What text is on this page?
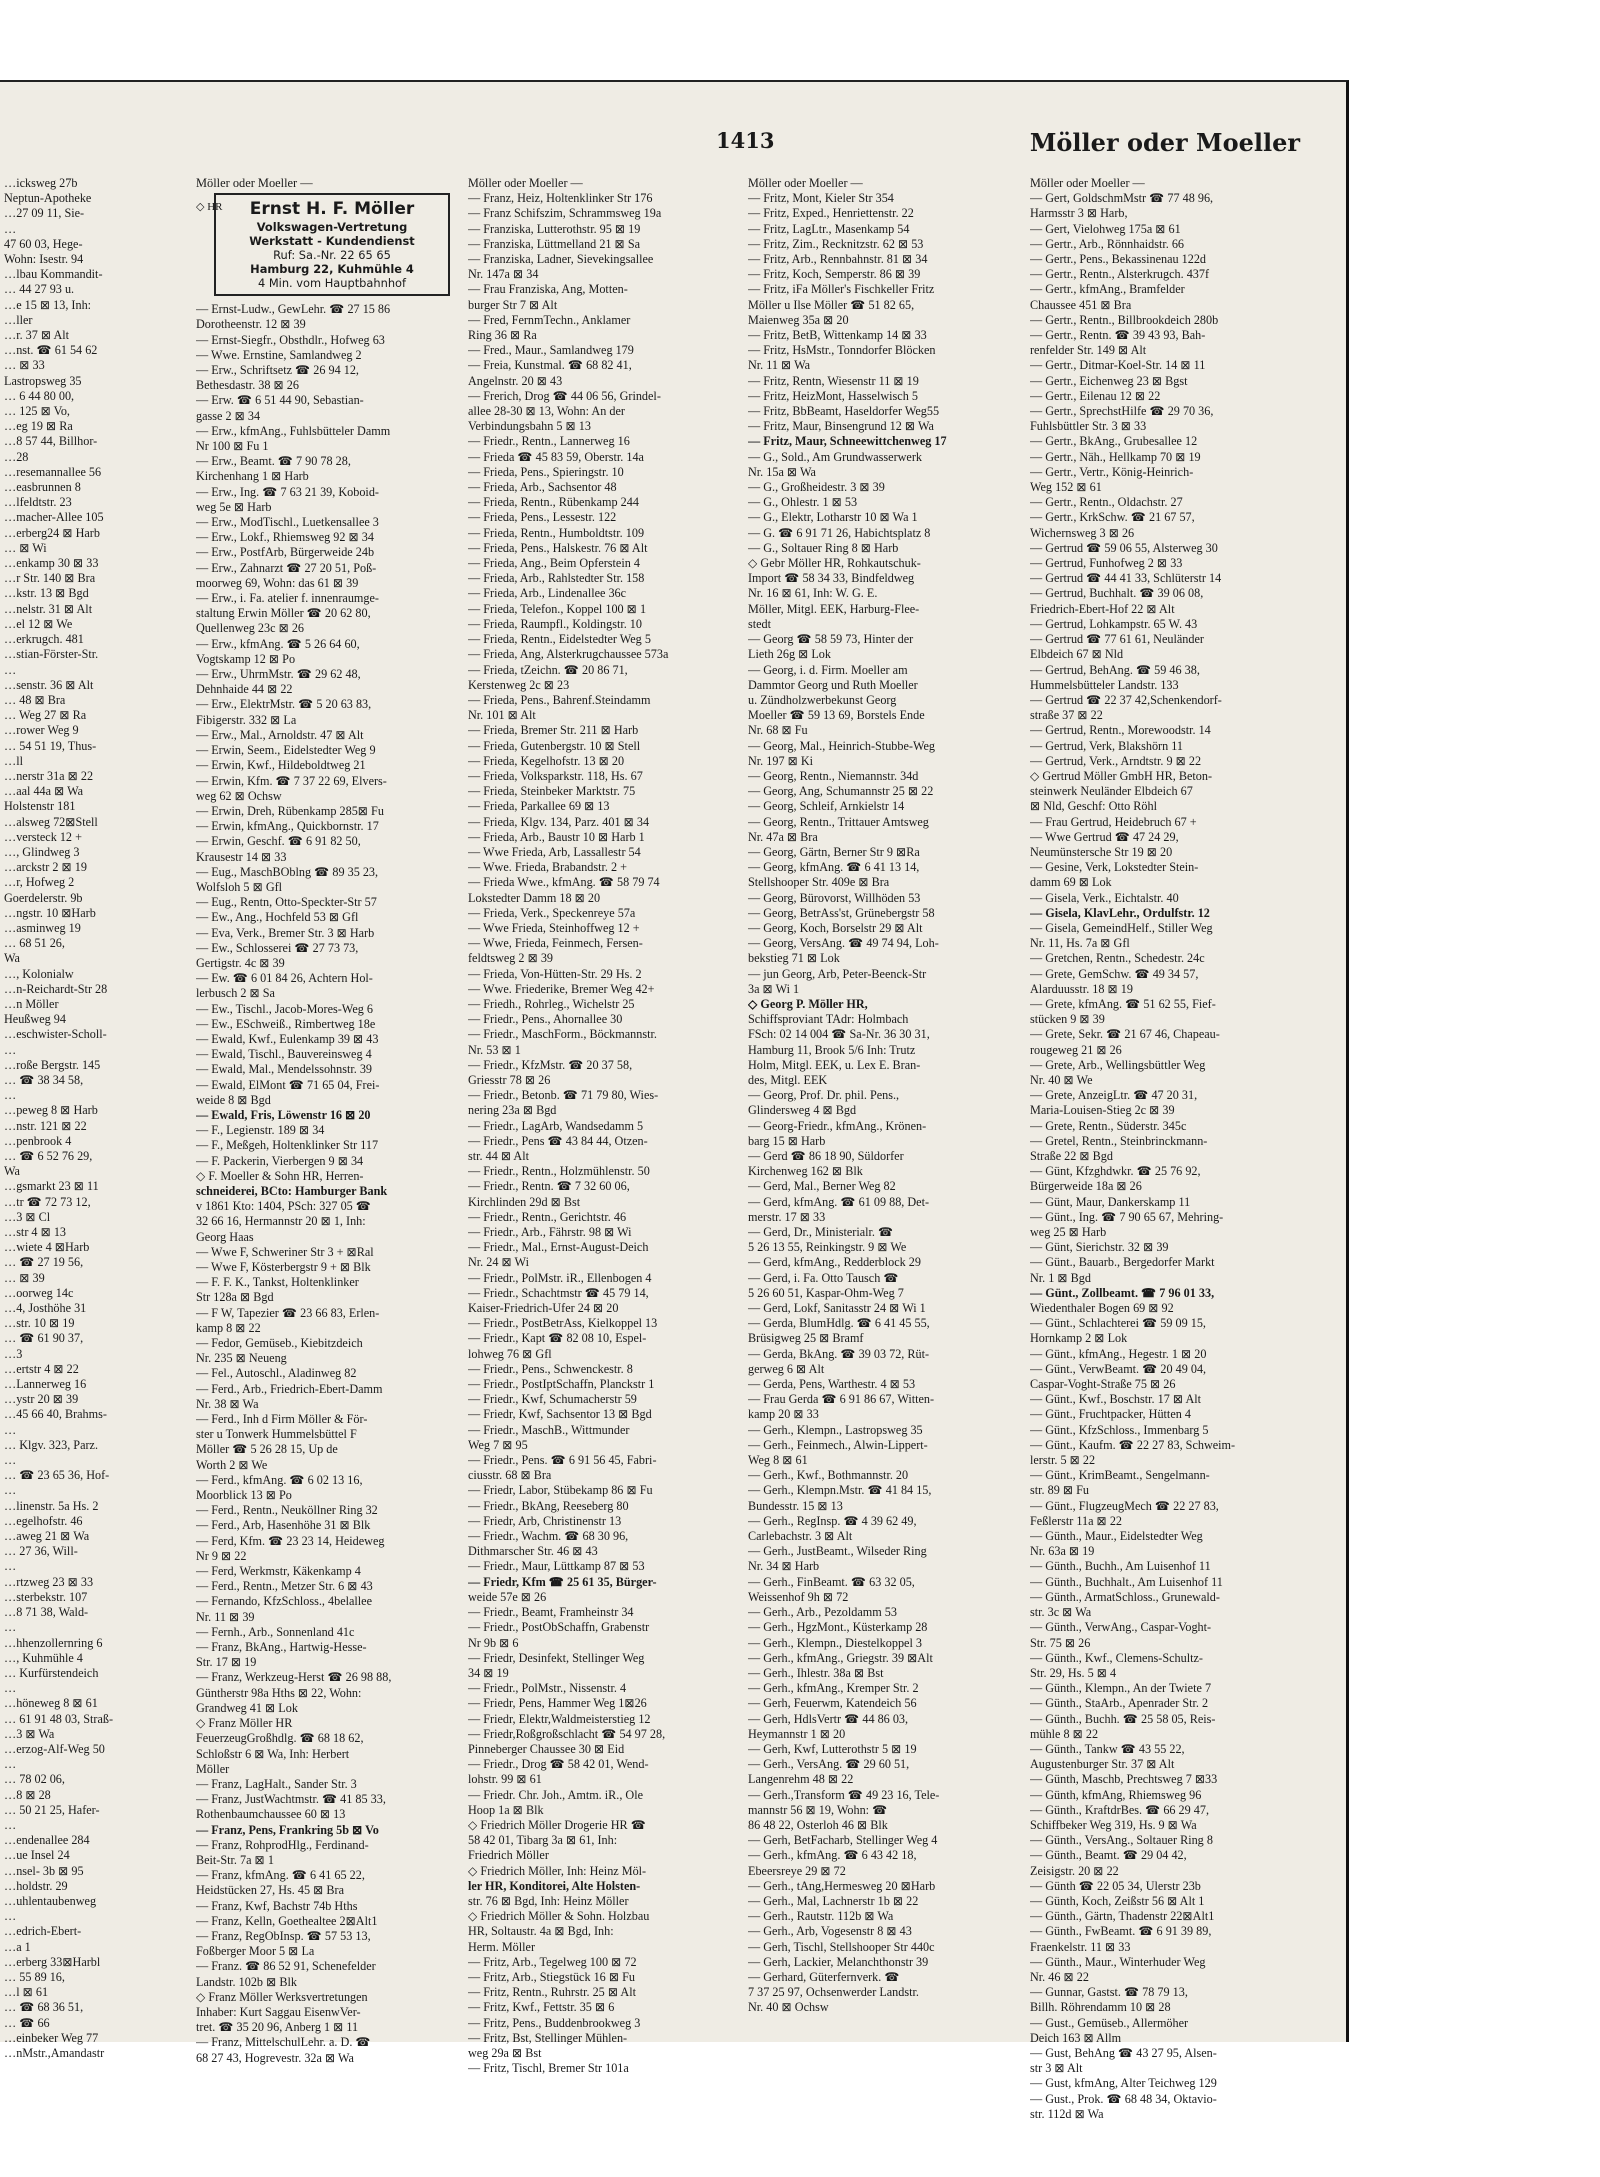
1413	Möller oder Moeller
…icksweg 27b
Neptun-Apotheke
…27 09 11, Sie-
…
47 60 03, Hege-
Wohn: Isestr. 94
…lbau Kommandit-
… 44 27 93 u.
…e 15 ⊠ 13, Inh:
…ller
…r. 37 ⊠ Alt
…nst. ☎ 61 54 62
… ⊠ 33
Lastropsweg 35
… 6 44 80 00,
… 125 ⊠ Vo,
…eg 19 ⊠ Ra
…8 57 44, Billhor-
…28
…resemannallee 56
…easbrunnen 8
…lfeldtstr. 23
…macher-Allee 105
…erberg24 ⊠ Harb
… ⊠ Wi
…enkamp 30 ⊠ 33
…r Str. 140 ⊠ Bra
…kstr. 13 ⊠ Bgd
…nelstr. 31 ⊠ Alt
…el 12 ⊠ We
…erkrugch. 481
…stian-Förster-Str.
…
…senstr. 36 ⊠ Alt
… 48 ⊠ Bra
… Weg 27 ⊠ Ra
…rower Weg 9
… 54 51 19, Thus-
…ll
…nerstr 31a ⊠ 22
…aal 44a ⊠ Wa
Holstenstr 181
…alsweg 72⊠Stell
…versteck 12 +
…, Glindweg 3
…arckstr 2 ⊠ 19
…r, Hofweg 2
Goerdelerstr. 9b
…ngstr. 10 ⊠Harb
…asminweg 19
… 68 51 26,
Wa
…, Kolonialw
…n-Reichardt-Str 28
…n Möller
Heußweg 94
…eschwister-Scholl-
…
…roße Bergstr. 145
… ☎ 38 34 58,
…
…peweg 8 ⊠ Harb
…nstr. 121 ⊠ 22
…penbrook 4
… ☎ 6 52 76 29,
Wa
…gsmarkt 23 ⊠ 11
…tr ☎ 72 73 12,
…3 ⊠ Cl
…str 4 ⊠ 13
…wiete 4 ⊠Harb
… ☎ 27 19 56,
… ⊠ 39
…oorweg 14c
…4, Josthöhe 31
…str. 10 ⊠ 19
… ☎ 61 90 37,
…3
…ertstr 4 ⊠ 22
…Lannerweg 16
…ystr 20 ⊠ 39
…45 66 40, Brahms-
…
… Klgv. 323, Parz.
…
… ☎ 23 65 36, Hof-
…
…linenstr. 5a Hs. 2
…egelhofstr. 46
…aweg 21 ⊠ Wa
… 27 36, Will-
…
…rtzweg 23 ⊠ 33
…sterbekstr. 107
…8 71 38, Wald-
…
…hhenzollernring 6
…, Kuhmühle 4
… Kurfürstendeich
…
…höneweg 8 ⊠ 61
… 61 91 48 03, Straß-
…3 ⊠ Wa
…erzog-Alf-Weg 50
…
… 78 02 06,
…8 ⊠ 28
… 50 21 25, Hafer-
…
…endenallee 284
…ue Insel 24
…nsel- 3b ⊠ 95
…holdstr. 29
…uhlentaubenweg
…
…edrich-Ebert-
…a 1
…erberg 33⊠Harbl
… 55 89 16,
…l ⊠ 61
… ☎ 68 36 51,
… ☎ 66
…einbeker Weg 77
…nMstr.,Amandastr
Möller oder Moeller —
◇ HR	Ernst H. F. Möller
Volkswagen-Vertretung
Werkstatt - Kundendienst
Ruf: Sa.-Nr. 22 65 65
Hamburg 22, Kuhmühle 4
4 Min. vom Hauptbahnhof
— Ernst-Ludw., GewLehr. ☎ 27 15 86
Dorotheenstr. 12 ⊠ 39
— Ernst-Siegfr., Obsthdlr., Hofweg 63
— Wwe. Ernstine, Samlandweg 2
— Erw., Schriftsetz ☎ 26 94 12,
Bethesdastr. 38 ⊠ 26
— Erw. ☎ 6 51 44 90, Sebastian-
gasse 2 ⊠ 34
— Erw., kfmAng., Fuhlsbütteler Damm
Nr 100 ⊠ Fu 1
— Erw., Beamt. ☎ 7 90 78 28,
Kirchenhang 1 ⊠ Harb
— Erw., Ing. ☎ 7 63 21 39, Koboid-
weg 5e ⊠ Harb
— Erw., ModTischl., Luetkensallee 3
— Erw., Lokf., Rhiemsweg 92 ⊠ 34
— Erw., PostfArb, Bürgerweide 24b
— Erw., Zahnarzt ☎ 27 20 51, Poß-
moorweg 69, Wohn: das 61 ⊠ 39
— Erw., i. Fa. atelier f. innenraumge-
staltung Erwin Möller ☎ 20 62 80,
Quellenweg 23c ⊠ 26
— Erw., kfmAng. ☎ 5 26 64 60,
Vogtskamp 12 ⊠ Po
— Erw., UhrmMstr. ☎ 29 62 48,
Dehnhaide 44 ⊠ 22
— Erw., ElektrMstr. ☎ 5 20 63 83,
Fibigerstr. 332 ⊠ La
— Erw., Mal., Arnoldstr. 47 ⊠ Alt
— Erwin, Seem., Eidelstedter Weg 9
— Erwin, Kwf., Hildeboldtweg 21
— Erwin, Kfm. ☎ 7 37 22 69, Elvers-
weg 62 ⊠ Ochsw
— Erwin, Dreh, Rübenkamp 285⊠ Fu
— Erwin, kfmAng., Quickbornstr. 17
— Erwin, Geschf. ☎ 6 91 82 50,
Krausestr 14 ⊠ 33
— Eug., MaschBOblng ☎ 89 35 23,
Wolfsloh 5 ⊠ Gfl
— Eug., Rentn, Otto-Speckter-Str 57
— Ew., Ang., Hochfeld 53 ⊠ Gfl
— Eva, Verk., Bremer Str. 3 ⊠ Harb
— Ew., Schlosserei ☎ 27 73 73,
Gertigstr. 4c ⊠ 39
— Ew. ☎ 6 01 84 26, Achtern Hol-
lerbusch 2 ⊠ Sa
— Ew., Tischl., Jacob-Mores-Weg 6
— Ew., ESchweiß., Rimbertweg 18e
— Ewald, Kwf., Eulenkamp 39 ⊠ 43
— Ewald, Tischl., Bauvereinsweg 4
— Ewald, Mal., Mendelssohnstr. 39
— Ewald, ElMont ☎ 71 65 04, Frei-
weide 8 ⊠ Bgd
— Ewald, Fris, Löwenstr 16 ⊠ 20
— F., Legienstr. 189 ⊠ 34
— F., Meßgeh, Holtenklinker Str 117
— F. Packerin, Vierbergen 9 ⊠ 34
◇ F. Moeller & Sohn HR, Herren-
schneiderei, BCto: Hamburger Bank
v 1861 Kto: 1404, PSch: 327 05 ☎
32 66 16, Hermannstr 20 ⊠ 1, Inh:
Georg Haas
— Wwe F, Schweriner Str 3 + ⊠Ral
— Wwe F, Kösterbergstr 9 + ⊠ Blk
— F. F. K., Tankst, Holtenklinker
Str 128a ⊠ Bgd
— F W, Tapezier ☎ 23 66 83, Erlen-
kamp 8 ⊠ 22
— Fedor, Gemüseb., Kiebitzdeich
Nr. 235 ⊠ Neueng
— Fel., Autoschl., Aladinweg 82
— Ferd., Arb., Friedrich-Ebert-Damm
Nr. 38 ⊠ Wa
— Ferd., Inh d Firm Möller & För-
ster u Tonwerk Hummelsbüttel F
Möller ☎ 5 26 28 15, Up de
Worth 2 ⊠ We
— Ferd., kfmAng. ☎ 6 02 13 16,
Moorblick 13 ⊠ Po
— Ferd., Rentn., Neuköllner Ring 32
— Ferd., Arb, Hasenhöhe 31 ⊠ Blk
— Ferd, Kfm. ☎ 23 23 14, Heideweg
Nr 9 ⊠ 22
— Ferd, Werkmstr, Käkenkamp 4
— Ferd., Rentn., Metzer Str. 6 ⊠ 43
— Fernando, KfzSchloss., 4belallee
Nr. 11 ⊠ 39
— Fernh., Arb., Sonnenland 41c
— Franz, BkAng., Hartwig-Hesse-
Str. 17 ⊠ 19
— Franz, Werkzeug-Herst ☎ 26 98 88,
Güntherstr 98a Hths ⊠ 22, Wohn:
Grandweg 41 ⊠ Lok
◇ Franz Möller HR
FeuerzeugGroßhdlg. ☎ 68 18 62,
Schloßstr 6 ⊠ Wa, Inh: Herbert
Möller
— Franz, LagHalt., Sander Str. 3
— Franz, JustWachtmstr. ☎ 41 85 33,
Rothenbaumchaussee 60 ⊠ 13
— Franz, Pens, Frankring 5b ⊠ Vo
— Franz, RohprodHlg., Ferdinand-
Beit-Str. 7a ⊠ 1
— Franz, kfmAng. ☎ 6 41 65 22,
Heidstücken 27, Hs. 45 ⊠ Bra
— Franz, Kwf, Bachstr 74b Hths
— Franz, Kelln, Goethealtee 2⊠Alt1
— Franz, RegObInsp. ☎ 57 53 13,
Foßberger Moor 5 ⊠ La
— Franz. ☎ 86 52 91, Schenefelder
Landstr. 102b ⊠ Blk
◇ Franz Möller Werksvertretungen
Inhaber: Kurt Saggau EisenwVer-
tret. ☎ 35 20 96, Anberg 1 ⊠ 11
— Franz, MittelschulLehr. a. D. ☎
68 27 43, Hogrevestr. 32a ⊠ Wa
Möller oder Moeller —
— Franz, Heiz, Holtenklinker Str 176
— Franz Schifszim, Schrammsweg 19a
— Franziska, Lutterothstr. 95 ⊠ 19
— Franziska, Lüttmelland 21 ⊠ Sa
— Franziska, Ladner, Sievekingsallee
Nr. 147a ⊠ 34
— Frau Franziska, Ang, Motten-
burger Str 7 ⊠ Alt
— Fred, FernmTechn., Anklamer
Ring 36 ⊠ Ra
— Fred., Maur., Samlandweg 179
— Freia, Kunstmal. ☎ 68 82 41,
Angelnstr. 20 ⊠ 43
— Frerich, Drog ☎ 44 06 56, Grindel-
allee 28-30 ⊠ 13, Wohn: An der
Verbindungsbahn 5 ⊠ 13
— Friedr., Rentn., Lannerweg 16
— Frieda ☎ 45 83 59, Oberstr. 14a
— Frieda, Pens., Spieringstr. 10
— Frieda, Arb., Sachsentor 48
— Frieda, Rentn., Rübenkamp 244
— Frieda, Pens., Lessestr. 122
— Frieda, Rentn., Humboldtstr. 109
— Frieda, Pens., Halskestr. 76 ⊠ Alt
— Frieda, Ang., Beim Opferstein 4
— Frieda, Arb., Rahlstedter Str. 158
— Frieda, Arb., Lindenallee 36c
— Frieda, Telefon., Koppel 100 ⊠ 1
— Frieda, Raumpfl., Koldingstr. 10
— Frieda, Rentn., Eidelstedter Weg 5
— Frieda, Ang, Alsterkrugchaussee 573a
— Frieda, tZeichn. ☎ 20 86 71,
Kerstenweg 2c ⊠ 23
— Frieda, Pens., Bahrenf.Steindamm
Nr. 101 ⊠ Alt
— Frieda, Bremer Str. 211 ⊠ Harb
— Frieda, Gutenbergstr. 10 ⊠ Stell
— Frieda, Kegelhofstr. 13 ⊠ 20
— Frieda, Volksparkstr. 118, Hs. 67
— Frieda, Steinbeker Marktstr. 75
— Frieda, Parkallee 69 ⊠ 13
— Frieda, Klgv. 134, Parz. 401 ⊠ 34
— Frieda, Arb., Baustr 10 ⊠ Harb 1
— Wwe Frieda, Arb, Lassallestr 54
— Wwe. Frieda, Brabandstr. 2 +
— Frieda Wwe., kfmAng. ☎ 58 79 74
Lokstedter Damm 18 ⊠ 20
— Frieda, Verk., Speckenreye 57a
— Wwe Frieda, Steinhoffweg 12 +
— Wwe, Frieda, Feinmech, Fersen-
feldtsweg 2 ⊠ 39
— Frieda, Von-Hütten-Str. 29 Hs. 2
— Wwe. Friederike, Bremer Weg 42+
— Friedh., Rohrleg., Wichelstr 25
— Friedr., Pens., Ahornallee 30
— Friedr., MaschForm., Böckmannstr.
Nr. 53 ⊠ 1
— Friedr., KfzMstr. ☎ 20 37 58,
Griesstr 78 ⊠ 26
— Friedr., Betonb. ☎ 71 79 80, Wies-
nering 23a ⊠ Bgd
— Friedr., LagArb, Wandsedamm 5
— Friedr., Pens ☎ 43 84 44, Otzen-
str. 44 ⊠ Alt
— Friedr., Rentn., Holzmühlenstr. 50
— Friedr., Rentn. ☎ 7 32 60 06,
Kirchlinden 29d ⊠ Bst
— Friedr., Rentn., Gerichtstr. 46
— Friedr., Arb., Fährstr. 98 ⊠ Wi
— Friedr., Mal., Ernst-August-Deich
Nr. 24 ⊠ Wi
— Friedr., PolMstr. iR., Ellenbogen 4
— Friedr., Schachtmstr ☎ 45 79 14,
Kaiser-Friedrich-Ufer 24 ⊠ 20
— Friedr., PostBetrAss, Kielkoppel 13
— Friedr., Kapt ☎ 82 08 10, Espel-
lohweg 76 ⊠ Gfl
— Friedr., Pens., Schwenckestr. 8
— Friedr., PostIptSchaffn, Planckstr 1
— Friedr., Kwf, Schumacherstr 59
— Friedr, Kwf, Sachsentor 13 ⊠ Bgd
— Friedr., MaschB., Wittmunder
Weg 7 ⊠ 95
— Friedr., Pens. ☎ 6 91 56 45, Fabri-
ciusstr. 68 ⊠ Bra
— Friedr, Labor, Stübekamp 86 ⊠ Fu
— Friedr., BkAng, Reeseberg 80
— Friedr, Arb, Christinenstr 13
— Friedr., Wachm. ☎ 68 30 96,
Dithmarscher Str. 46 ⊠ 43
— Friedr., Maur, Lüttkamp 87 ⊠ 53
— Friedr, Kfm ☎ 25 61 35, Bürger-
weide 57e ⊠ 26
— Friedr., Beamt, Framheinstr 34
— Friedr., PostObSchaffn, Grabenstr
Nr 9b ⊠ 6
— Friedr, Desinfekt, Stellinger Weg
34 ⊠ 19
— Friedr., PolMstr., Nissenstr. 4
— Friedr, Pens, Hammer Weg 1⊠26
— Friedr, Elektr,Waldmeisterstieg 12
— Friedr,Roßgroßschlacht ☎ 54 97 28,
Pinneberger Chaussee 30 ⊠ Eid
— Friedr., Drog ☎ 58 42 01, Wend-
lohstr. 99 ⊠ 61
— Friedr. Chr. Joh., Amtm. iR., Ole
Hoop 1a ⊠ Blk
◇ Friedrich Möller Drogerie HR ☎
58 42 01, Tibarg 3a ⊠ 61, Inh:
Friedrich Möller
◇ Friedrich Möller, Inh: Heinz Möl-
ler HR, Konditorei, Alte Holsten-
str. 76 ⊠ Bgd, Inh: Heinz Möller
◇ Friedrich Möller & Sohn. Holzbau
HR, Soltaustr. 4a ⊠ Bgd, Inh:
Herm. Möller
— Fritz, Arb., Tegelweg 100 ⊠ 72
— Fritz, Arb., Stiegstück 16 ⊠ Fu
— Fritz, Rentn., Ruhrstr. 25 ⊠ Alt
— Fritz, Kwf., Fettstr. 35 ⊠ 6
— Fritz, Pens., Buddenbrookweg 3
— Fritz, Bst, Stellinger Mühlen-
weg 29a ⊠ Bst
— Fritz, Tischl, Bremer Str 101a
Möller oder Moeller —
— Fritz, Mont, Kieler Str 354
— Fritz, Exped., Henriettenstr. 22
— Fritz, LagLtr., Masenkamp 54
— Fritz, Zim., Recknitzstr. 62 ⊠ 53
— Fritz, Arb., Rennbahnstr. 81 ⊠ 34
— Fritz, Koch, Semperstr. 86 ⊠ 39
— Fritz, iFa Möller's Fischkeller Fritz
Möller u Ilse Möller ☎ 51 82 65,
Maienweg 35a ⊠ 20
— Fritz, BetB, Wittenkamp 14 ⊠ 33
— Fritz, HsMstr., Tonndorfer Blöcken
Nr. 11 ⊠ Wa
— Fritz, Rentn, Wiesenstr 11 ⊠ 19
— Fritz, HeizMont, Hasselwisch 5
— Fritz, BbBeamt, Haseldorfer Weg55
— Fritz, Maur, Binsengrund 12 ⊠ Wa
— Fritz, Maur, Schneewittchenweg 17
— G., Sold., Am Grundwasserwerk
Nr. 15a ⊠ Wa
— G., Großheidestr. 3 ⊠ 39
— G., Ohlestr. 1 ⊠ 53
— G., Elektr, Lotharstr 10 ⊠ Wa 1
— G. ☎ 6 91 71 26, Habichtsplatz 8
— G., Soltauer Ring 8 ⊠ Harb
◇ Gebr Möller HR, Rohkautschuk-
Import ☎ 58 34 33, Bindfeldweg
Nr. 16 ⊠ 61, Inh: W. G. E.
Möller, Mitgl. EEK, Harburg-Flee-
stedt
— Georg ☎ 58 59 73, Hinter der
Lieth 26g ⊠ Lok
— Georg, i. d. Firm. Moeller am
Dammtor Georg und Ruth Moeller
u. Zündholzwerbekunst Georg
Moeller ☎ 59 13 69, Borstels Ende
Nr. 68 ⊠ Fu
— Georg, Mal., Heinrich-Stubbe-Weg
Nr. 197 ⊠ Ki
— Georg, Rentn., Niemannstr. 34d
— Georg, Ang, Schumannstr 25 ⊠ 22
— Georg, Schleif, Arnkielstr 14
— Georg, Rentn., Trittauer Amtsweg
Nr. 47a ⊠ Bra
— Georg, Gärtn, Berner Str 9 ⊠Ra
— Georg, kfmAng. ☎ 6 41 13 14,
Stellshooper Str. 409e ⊠ Bra
— Georg, Bürovorst, Willhöden 53
— Georg, BetrAss'st, Grünebergstr 58
— Georg, Koch, Borselstr 29 ⊠ Alt
— Georg, VersAng. ☎ 49 74 94, Loh-
bekstieg 71 ⊠ Lok
— jun Georg, Arb, Peter-Beenck-Str
3a ⊠ Wi 1
◇ Georg P. Möller HR,
Schiffsproviant TAdr: Holmbach
FSch: 02 14 004 ☎ Sa-Nr. 36 30 31,
Hamburg 11, Brook 5/6 Inh: Trutz
Holm, Mitgl. EEK, u. Lex E. Bran-
des, Mitgl. EEK
— Georg, Prof. Dr. phil. Pens.,
Glindersweg 4 ⊠ Bgd
— Georg-Friedr., kfmAng., Krönen-
barg 15 ⊠ Harb
— Gerd ☎ 86 18 90, Süldorfer
Kirchenweg 162 ⊠ Blk
— Gerd, Mal., Berner Weg 82
— Gerd, kfmAng. ☎ 61 09 88, Det-
merstr. 17 ⊠ 33
— Gerd, Dr., Ministerialr. ☎
5 26 13 55, Reinkingstr. 9 ⊠ We
— Gerd, kfmAng., Redderblock 29
— Gerd, i. Fa. Otto Tausch ☎
5 26 60 51, Kaspar-Ohm-Weg 7
— Gerd, Lokf, Sanitasstr 24 ⊠ Wi 1
— Gerda, BlumHdlg. ☎ 6 41 45 55,
Brüsigweg 25 ⊠ Bramf
— Gerda, BkAng. ☎ 39 03 72, Rüt-
gerweg 6 ⊠ Alt
— Gerda, Pens, Warthestr. 4 ⊠ 53
— Frau Gerda ☎ 6 91 86 67, Witten-
kamp 20 ⊠ 33
— Gerh., Klempn., Lastropsweg 35
— Gerh., Feinmech., Alwin-Lippert-
Weg 8 ⊠ 61
— Gerh., Kwf., Bothmannstr. 20
— Gerh., Klempn.Mstr. ☎ 41 84 15,
Bundesstr. 15 ⊠ 13
— Gerh., RegInsp. ☎ 4 39 62 49,
Carlebachstr. 3 ⊠ Alt
— Gerh., JustBeamt., Wilseder Ring
Nr. 34 ⊠ Harb
— Gerh., FinBeamt. ☎ 63 32 05,
Weissenhof 9h ⊠ 72
— Gerh., Arb., Pezoldamm 53
— Gerh., HgzMont., Küsterkamp 28
— Gerh., Klempn., Diestelkoppel 3
— Gerh., kfmAng., Griegstr. 39 ⊠Alt
— Gerh., Ihlestr. 38a ⊠ Bst
— Gerh., kfmAng., Kremper Str. 2
— Gerh, Feuerwm, Katendeich 56
— Gerh, HdlsVertr ☎ 44 86 03,
Heymannstr 1 ⊠ 20
— Gerh, Kwf, Lutterothstr 5 ⊠ 19
— Gerh., VersAng. ☎ 29 60 51,
Langenrehm 48 ⊠ 22
— Gerh.,Transform ☎ 49 23 16, Tele-
mannstr 56 ⊠ 19, Wohn: ☎
86 48 22, Osterloh 46 ⊠ Blk
— Gerh, BetFacharb, Stellinger Weg 4
— Gerh., kfmAng. ☎ 6 43 42 18,
Ebeersreye 29 ⊠ 72
— Gerh., tAng,Hermesweg 20 ⊠Harb
— Gerh., Mal, Lachnerstr 1b ⊠ 22
— Gerh., Rautstr. 112b ⊠ Wa
— Gerh., Arb, Vogesenstr 8 ⊠ 43
— Gerh, Tischl, Stellshooper Str 440c
— Gerh, Lackier, Melanchthonstr 39
— Gerhard, Güterfernverk. ☎
7 37 25 97, Ochsenwerder Landstr.
Nr. 40 ⊠ Ochsw
Möller oder Moeller —
— Gert, GoldschmMstr ☎ 77 48 96,
Harmsstr 3 ⊠ Harb,
— Gert, Vielohweg 175a ⊠ 61
— Gertr., Arb., Rönnhaidstr. 66
— Gertr., Pens., Bekassinenau 122d
— Gertr., Rentn., Alsterkrugch. 437f
— Gertr., kfmAng., Bramfelder
Chaussee 451 ⊠ Bra
— Gertr., Rentn., Billbrookdeich 280b
— Gertr., Rentn. ☎ 39 43 93, Bah-
renfelder Str. 149 ⊠ Alt
— Gertr., Ditmar-Koel-Str. 14 ⊠ 11
— Gertr., Eichenweg 23 ⊠ Bgst
— Gertr., Eilenau 12 ⊠ 22
— Gertr., SprechstHilfe ☎ 29 70 36,
Fuhlsbüttler Str. 3 ⊠ 33
— Gertr., BkAng., Grubesallee 12
— Gertr., Näh., Hellkamp 70 ⊠ 19
— Gertr., Vertr., König-Heinrich-
Weg 152 ⊠ 61
— Gertr., Rentn., Oldachstr. 27
— Gertr., KrkSchw. ☎ 21 67 57,
Wichernsweg 3 ⊠ 26
— Gertrud ☎ 59 06 55, Alsterweg 30
— Gertrud, Funhofweg 2 ⊠ 33
— Gertrud ☎ 44 41 33, Schlüterstr 14
— Gertrud, Buchhalt. ☎ 39 06 08,
Friedrich-Ebert-Hof 22 ⊠ Alt
— Gertrud, Lohkampstr. 65 W. 43
— Gertrud ☎ 77 61 61, Neuländer
Elbdeich 67 ⊠ Nld
— Gertrud, BehAng. ☎ 59 46 38,
Hummelsbütteler Landstr. 133
— Gertrud ☎ 22 37 42,Schenkendorf-
straße 37 ⊠ 22
— Gertrud, Rentn., Morewoodstr. 14
— Gertrud, Verk, Blakshörn 11
— Gertrud, Verk., Arndtstr. 9 ⊠ 22
◇ Gertrud Möller GmbH HR, Beton-
steinwerk Neuländer Elbdeich 67
⊠ Nld, Geschf: Otto Röhl
— Frau Gertrud, Heidebruch 67 +
— Wwe Gertrud ☎ 47 24 29,
Neumünstersche Str 19 ⊠ 20
— Gesine, Verk, Lokstedter Stein-
damm 69 ⊠ Lok
— Gisela, Verk., Eichtalstr. 40
— Gisela, KlavLehr., Ordulfstr. 12
— Gisela, GemeindHelf., Stiller Weg
Nr. 11, Hs. 7a ⊠ Gfl
— Gretchen, Rentn., Schedestr. 24c
— Grete, GemSchw. ☎ 49 34 57,
Alarduusstr. 18 ⊠ 19
— Grete, kfmAng. ☎ 51 62 55, Fief-
stücken 9 ⊠ 39
— Grete, Sekr. ☎ 21 67 46, Chapeau-
rougeweg 21 ⊠ 26
— Grete, Arb., Wellingsbüttler Weg
Nr. 40 ⊠ We
— Grete, AnzeigLtr. ☎ 47 20 31,
Maria-Louisen-Stieg 2c ⊠ 39
— Grete, Rentn., Süderstr. 345c
— Gretel, Rentn., Steinbrinckmann-
Straße 22 ⊠ Bgd
— Günt, Kfzghdwkr. ☎ 25 76 92,
Bürgerweide 18a ⊠ 26
— Günt, Maur, Dankerskamp 11
— Günt., Ing. ☎ 7 90 65 67, Mehring-
weg 25 ⊠ Harb
— Günt, Sierichstr. 32 ⊠ 39
— Günt., Bauarb., Bergedorfer Markt
Nr. 1 ⊠ Bgd
— Günt., Zollbeamt. ☎ 7 96 01 33,
Wiedenthaler Bogen 69 ⊠ 92
— Günt., Schlachterei ☎ 59 09 15,
Hornkamp 2 ⊠ Lok
— Günt., kfmAng., Hegestr. 1 ⊠ 20
— Günt., VerwBeamt. ☎ 20 49 04,
Caspar-Voght-Straße 75 ⊠ 26
— Günt., Kwf., Boschstr. 17 ⊠ Alt
— Günt., Fruchtpacker, Hütten 4
— Günt., KfzSchloss., Immenbarg 5
— Günt., Kaufm. ☎ 22 27 83, Schweim-
lerstr. 5 ⊠ 22
— Günt., KrimBeamt., Sengelmann-
str. 89 ⊠ Fu
— Günt., FlugzeugMech ☎ 22 27 83,
Feßlerstr 11a ⊠ 22
— Günth., Maur., Eidelstedter Weg
Nr. 63a ⊠ 19
— Günth., Buchh., Am Luisenhof 11
— Günth., Buchhalt., Am Luisenhof 11
— Günth., ArmatSchloss., Grunewald-
str. 3c ⊠ Wa
— Günth., VerwAng., Caspar-Voght-
Str. 75 ⊠ 26
— Günth., Kwf., Clemens-Schultz-
Str. 29, Hs. 5 ⊠ 4
— Günth., Klempn., An der Twiete 7
— Günth., StaArb., Apenrader Str. 2
— Günth., Buchh. ☎ 25 58 05, Reis-
mühle 8 ⊠ 22
— Günth., Tankw ☎ 43 55 22,
Augustenburger Str. 37 ⊠ Alt
— Günth, Maschb, Prechtsweg 7 ⊠33
— Günth, kfmAng, Rhiemsweg 96
— Günth., KraftdrBes. ☎ 66 29 47,
Schiffbeker Weg 319, Hs. 9 ⊠ Wa
— Günth., VersAng., Soltauer Ring 8
— Günth., Beamt. ☎ 29 04 42,
Zeisigstr. 20 ⊠ 22
— Günth ☎ 22 05 34, Ulerstr 23b
— Günth, Koch, Zeißstr 56 ⊠ Alt 1
— Günth., Gärtn, Thadenstr 22⊠Alt1
— Günth., FwBeamt. ☎ 6 91 39 89,
Fraenkelstr. 11 ⊠ 33
— Günth., Maur., Winterhuder Weg
Nr. 46 ⊠ 22
— Gunnar, Gastst. ☎ 78 79 13,
Billh. Röhrendamm 10 ⊠ 28
— Gust., Gemüseb., Allermöher
Deich 163 ⊠ Allm
— Gust, BehAng ☎ 43 27 95, Alsen-
str 3 ⊠ Alt
— Gust, kfmAng, Alter Teichweg 129
— Gust., Prok. ☎ 68 48 34, Oktavio-
str. 112d ⊠ Wa
